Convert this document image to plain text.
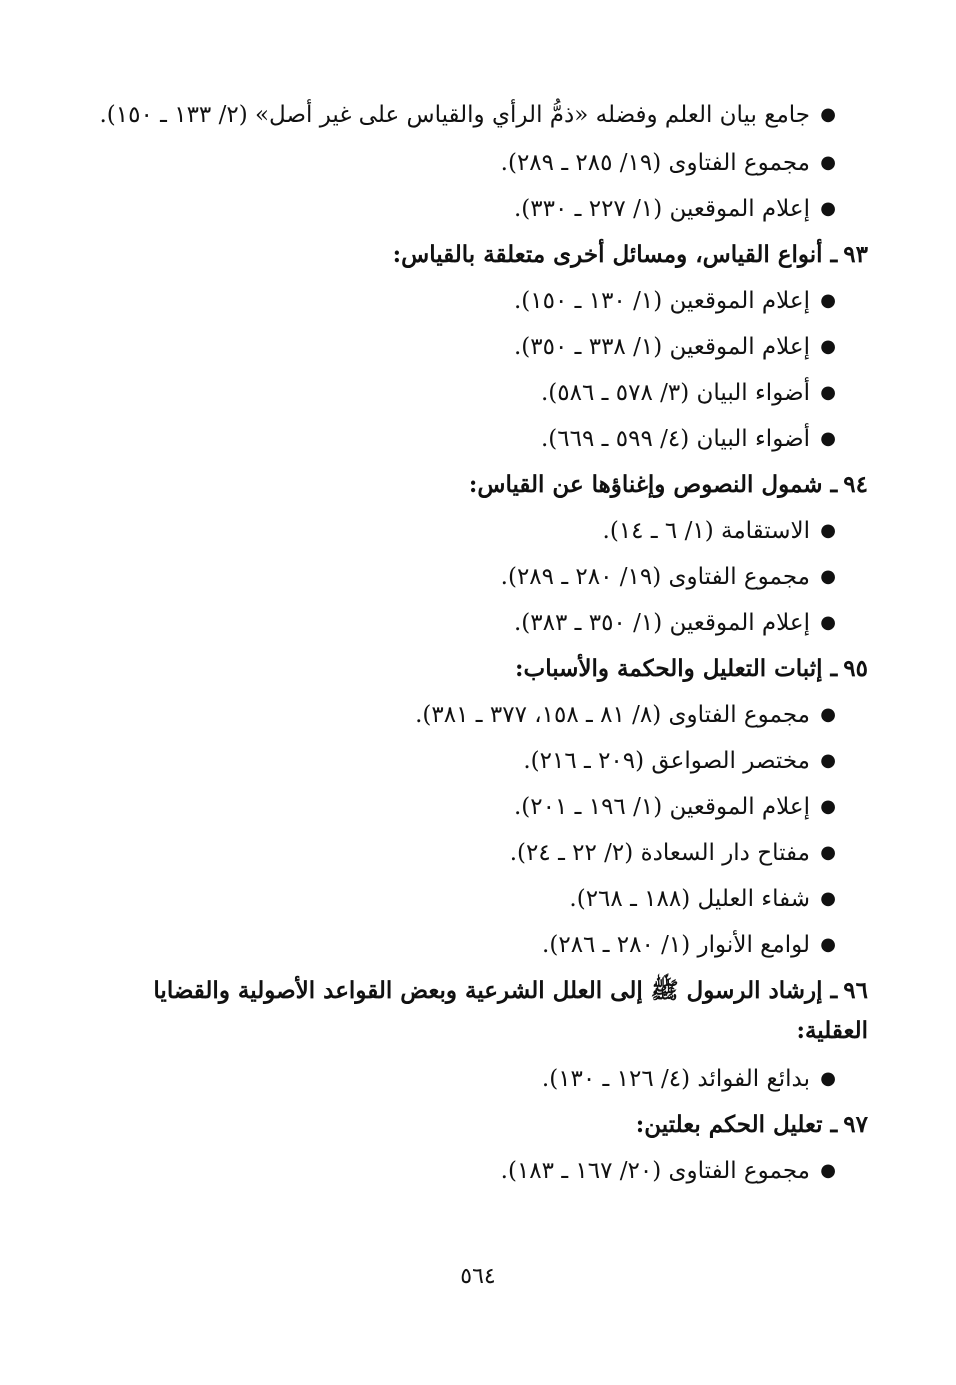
●
جامع بيان العلم وفضله «ذمُّ الرأي والقياس على غير أصل» (٢/ ١٣٣ ـ ١٥٠).
●
مجموع الفتاوى (١٩/ ٢٨٥ ـ ٢٨٩).
●
إعلام الموقعين (١/ ٢٢٧ ـ ٣٣٠).
٩٣ـ أنواع القياس، ومسائل أخرى متعلقة بالقياس:
●
إعلام الموقعين (١/ ١٣٠ ـ ١٥٠).
●
إعلام الموقعين (١/ ٣٣٨ ـ ٣٥٠).
●
أضواء البيان (٣/ ٥٧٨ ـ ٥٨٦).
●
أضواء البيان (٤/ ٥٩٩ ـ ٦٦٩).
٩٤ـ شمول النصوص وإغناؤها عن القياس:
●
الاستقامة (١/ ٦ ـ ١٤).
●
مجموع الفتاوى (١٩/ ٢٨٠ ـ ٢٨٩).
●
إعلام الموقعين (١/ ٣٥٠ ـ ٣٨٣).
٩٥ـ إثبات التعليل والحكمة والأسباب:
●
مجموع الفتاوى (٨/ ٨١ ـ ١٥٨، ٣٧٧ ـ ٣٨١).
●
مختصر الصواعق (٢٠٩ ـ ٢١٦).
●
إعلام الموقعين (١/ ١٩٦ ـ ٢٠١).
●
مفتاح دار السعادة (٢/ ٢٢ ـ ٢٤).
●
شفاء العليل (١٨٨ ـ ٢٦٨).
●
لوامع الأنوار (١/ ٢٨٠ ـ ٢٨٦).
٩٦ـ إرشاد الرسول ﷺ إلى العلل الشرعية وبعض القواعد الأصولية والقضايا العقلية:
●
بدائع الفوائد (٤/ ١٢٦ ـ ١٣٠).
٩٧ـ تعليل الحكم بعلتين:
●
مجموع الفتاوى (٢٠/ ١٦٧ ـ ١٨٣).
٥٦٤
